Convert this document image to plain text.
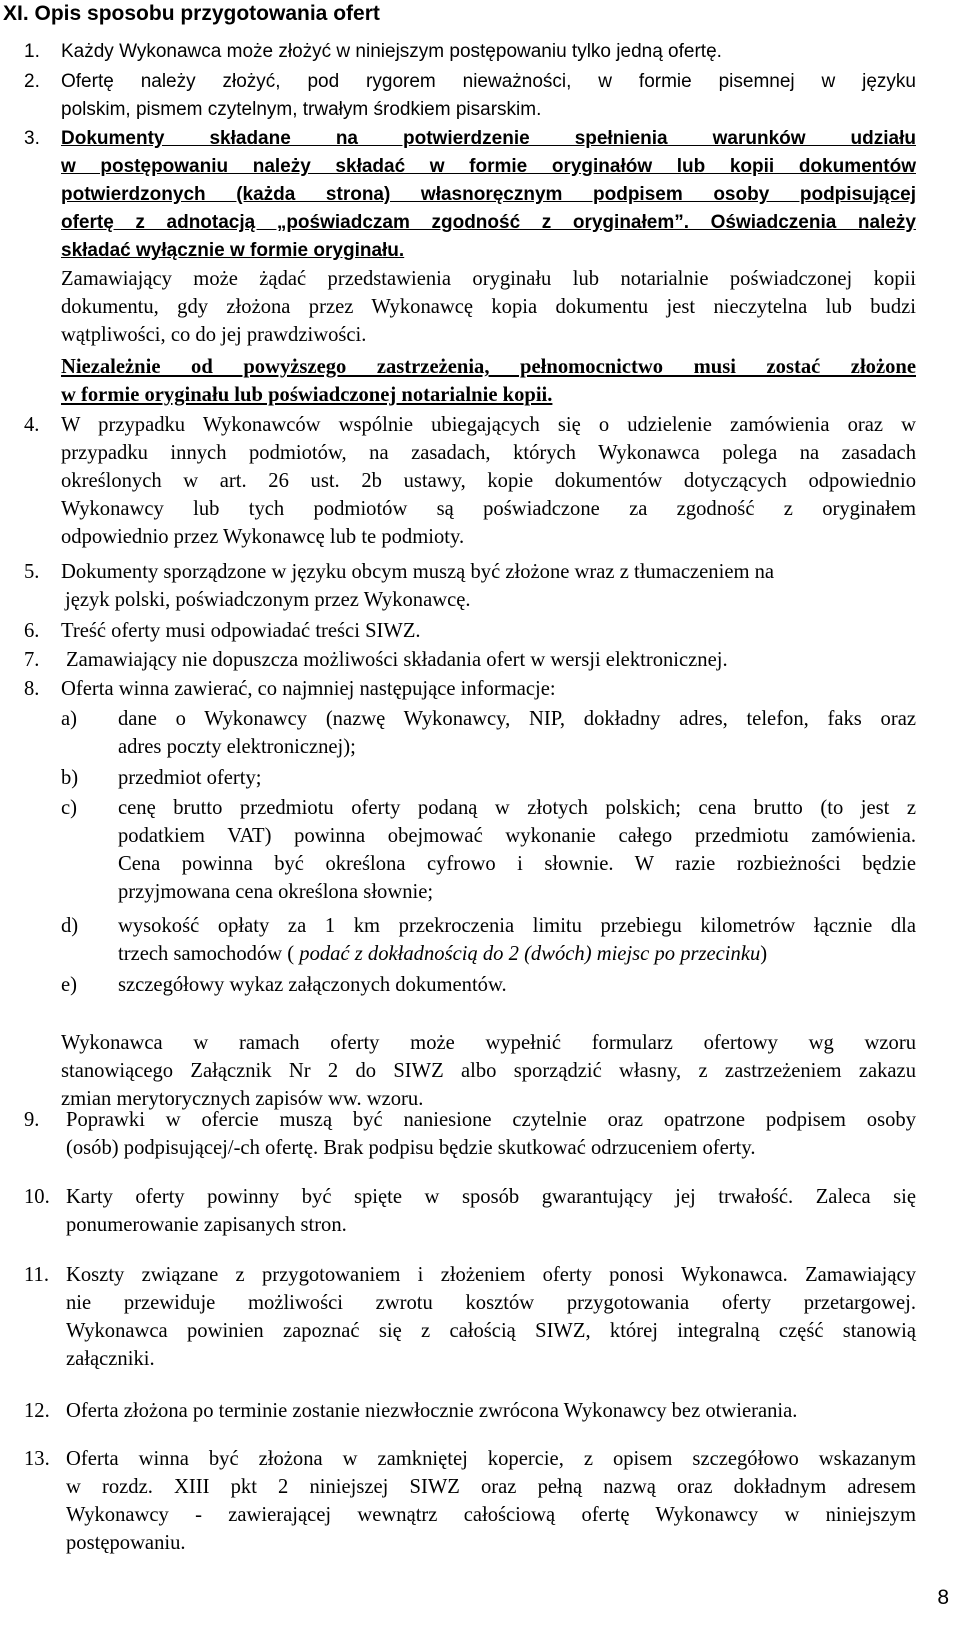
XI. Opis sposobu przygotowania ofert
1. Każdy Wykonawca może złożyć w niniejszym postępowaniu tylko jedną ofertę.
2. Ofertę należy złożyć, pod rygorem nieważności, w formie pisemnej w języku
polskim, pismem czytelnym, trwałym środkiem pisarskim.
3. Dokumenty składane na potwierdzenie spełnienia warunków udziału
w postępowaniu należy składać w formie oryginałów lub kopii dokumentów
potwierdzonych (każda strona) własnoręcznym podpisem osoby podpisującej
ofertę z adnotacją „poświadczam zgodność z oryginałem”. Oświadczenia należy
składać wyłącznie w formie oryginału.
Zamawiający może żądać przedstawienia oryginału lub notarialnie poświadczonej kopii
dokumentu, gdy złożona przez Wykonawcę kopia dokumentu jest nieczytelna lub budzi
wątpliwości, co do jej prawdziwości.
Niezależnie od powyższego zastrzeżenia, pełnomocnictwo musi zostać złożone
w formie oryginału lub poświadczonej notarialnie kopii.
4. W przypadku Wykonawców wspólnie ubiegających się o udzielenie zamówienia oraz w
przypadku innych podmiotów, na zasadach, których Wykonawca polega na zasadach
określonych w art. 26 ust. 2b ustawy, kopie dokumentów dotyczących odpowiednio
Wykonawcy lub tych podmiotów są poświadczone za zgodność z oryginałem
odpowiednio przez Wykonawcę lub te podmioty.
5. Dokumenty sporządzone w języku obcym muszą być złożone wraz z tłumaczeniem na
język polski, poświadczonym przez Wykonawcę.
6. Treść oferty musi odpowiadać treści SIWZ.
7. Zamawiający nie dopuszcza możliwości składania ofert w wersji elektronicznej.
8. Oferta winna zawierać, co najmniej następujące informacje:
a) dane o Wykonawcy (nazwę Wykonawcy, NIP, dokładny adres, telefon, faks oraz
adres poczty elektronicznej);
b) przedmiot oferty;
c) cenę brutto przedmiotu oferty podaną w złotych polskich; cena brutto (to jest z
podatkiem VAT) powinna obejmować wykonanie całego przedmiotu zamówienia.
Cena powinna być określona cyfrowo i słownie. W razie rozbieżności będzie
przyjmowana cena określona słownie;
d) wysokość opłaty za 1 km przekroczenia limitu przebiegu kilometrów łącznie dla
trzech samochodów ( podać z dokładnością do 2 (dwóch) miejsc po przecinku)
e) szczegółowy wykaz załączonych dokumentów.
Wykonawca w ramach oferty może wypełnić formularz ofertowy wg wzoru
stanowiącego Załącznik Nr 2 do SIWZ albo sporządzić własny, z zastrzeżeniem zakazu
zmian merytorycznych zapisów ww. wzoru.
9. Poprawki w ofercie muszą być naniesione czytelnie oraz opatrzone podpisem osoby
(osób) podpisującej/-ch ofertę. Brak podpisu będzie skutkować odrzuceniem oferty.
10. Karty oferty powinny być spięte w sposób gwarantujący jej trwałość. Zaleca się
ponumerowanie zapisanych stron.
11. Koszty związane z przygotowaniem i złożeniem oferty ponosi Wykonawca. Zamawiający
nie przewiduje możliwości zwrotu kosztów przygotowania oferty przetargowej.
Wykonawca powinien zapoznać się z całością SIWZ, której integralną część stanowią
załączniki.
12. Oferta złożona po terminie zostanie niezwłocznie zwrócona Wykonawcy bez otwierania.
13. Oferta winna być złożona w zamkniętej kopercie, z opisem szczegółowo wskazanym
w rozdz. XIII pkt 2 niniejszej SIWZ oraz pełną nazwą oraz dokładnym adresem
Wykonawcy - zawierającej wewnątrz całościową ofertę Wykonawcy w niniejszym
postępowaniu.
8
